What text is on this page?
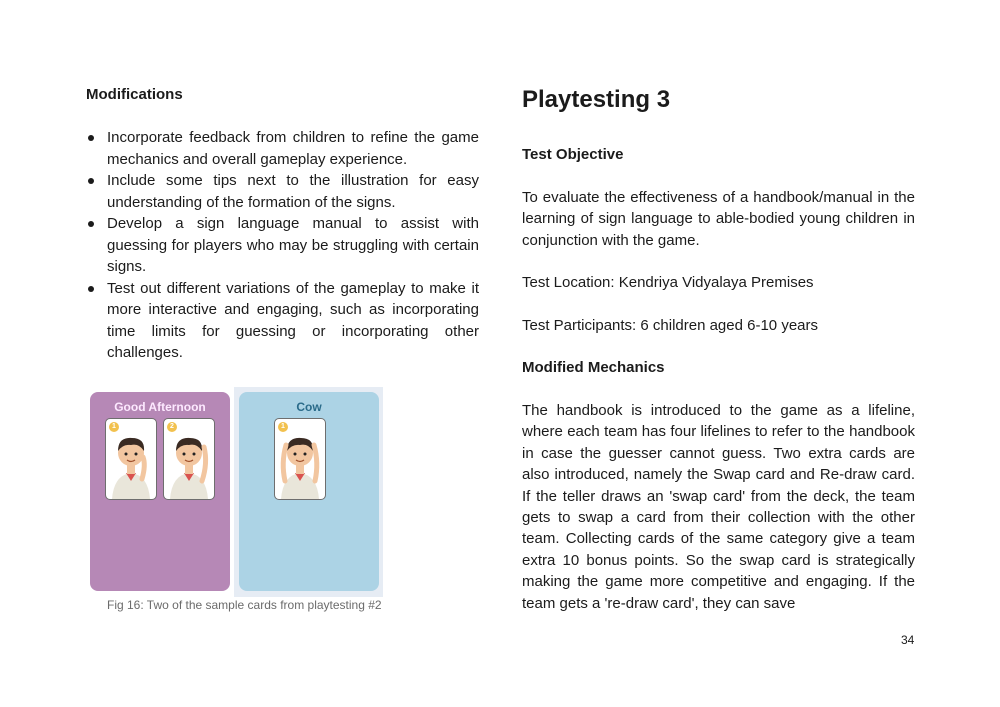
Modifications
Incorporate feedback from children to refine the game mechanics and overall gameplay experience.
Include some tips next to the illustration for easy understanding of the formation of the signs.
Develop a sign language manual to assist with guessing for players who may be struggling with certain signs.
Test out different variations of the gameplay to make it more interactive and engaging, such as incorporating time limits for guessing or incorporating other challenges.
Good Afternoon
1	2
Cow
1
Fig 16: Two of the sample cards from playtesting #2
Playtesting 3
Test Objective

To evaluate the effectiveness of a handbook/manual in the learning of sign language to able-bodied young children in conjunction with the game.

Test Location: Kendriya Vidyalaya Premises

Test Participants: 6 children aged 6-10 years

Modified Mechanics

The handbook is introduced to the game as a lifeline, where each team has four lifelines to refer to the handbook in case the guesser cannot guess. Two extra cards are also introduced, namely the Swap card and Re-draw card. If the teller draws an 'swap card' from the deck, the team gets to swap a card from their collection with the other team. Collecting cards of the same category give a team extra 10 bonus points. So the swap card is strategically making the game more competitive and engaging. If the team gets a 're-draw card', they can save

34
